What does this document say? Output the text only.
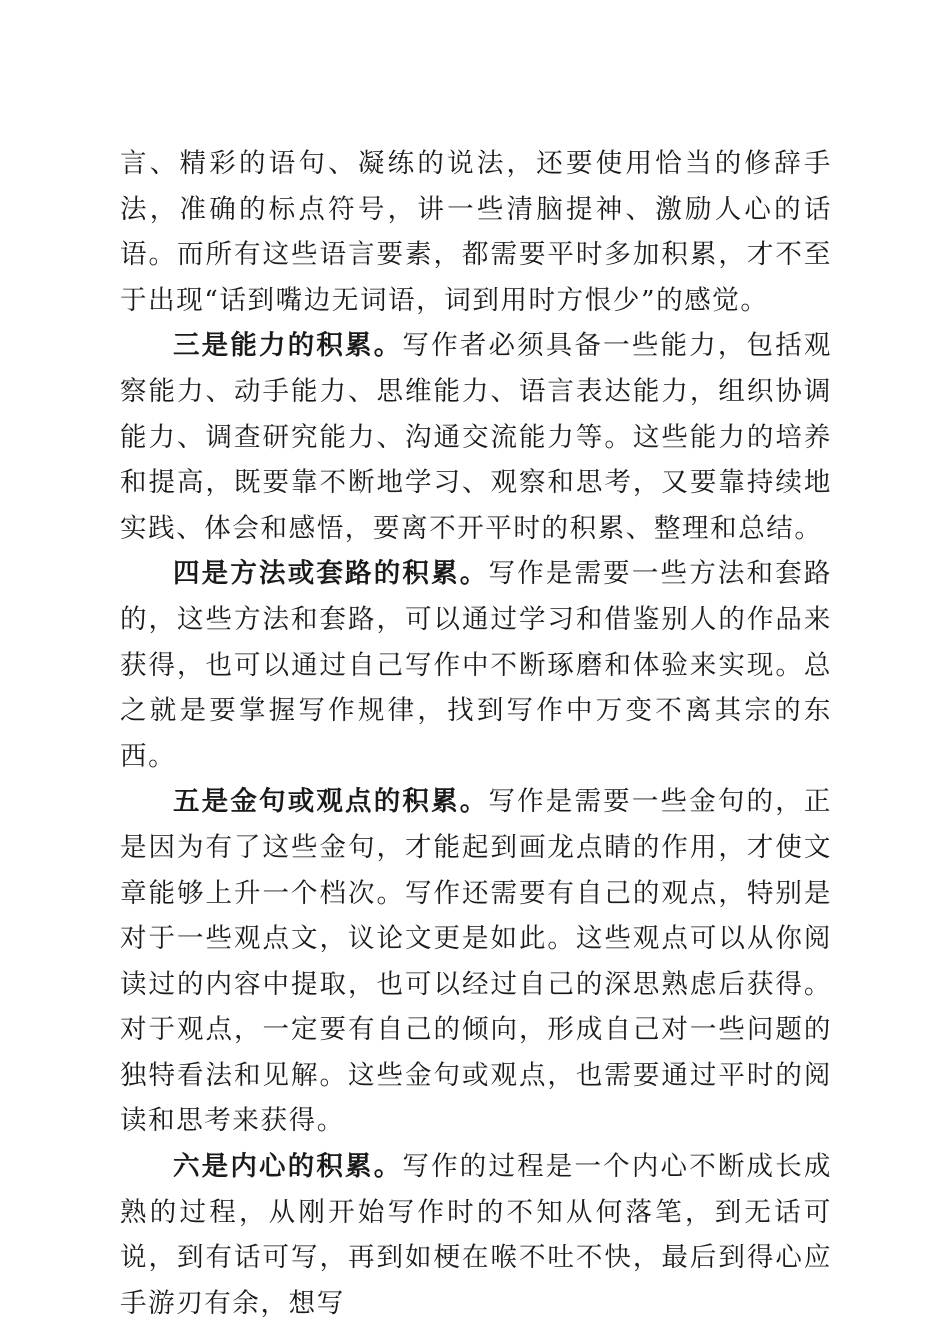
言、精彩的语句、凝练的说法，还要使用恰当的修辞手法，准确的标点符号，讲一些清脑提神、激励人心的话语。而所有这些语言要素，都需要平时多加积累，才不至于出现“话到嘴边无词语，词到用时方恨少”的感觉。

三是能力的积累。写作者必须具备一些能力，包括观察能力、动手能力、思维能力、语言表达能力，组织协调能力、调查研究能力、沟通交流能力等。这些能力的培养和提高，既要靠不断地学习、观察和思考，又要靠持续地实践、体会和感悟，要离不开平时的积累、整理和总结。

四是方法或套路的积累。写作是需要一些方法和套路的，这些方法和套路，可以通过学习和借鉴别人的作品来获得，也可以通过自己写作中不断琢磨和体验来实现。总之就是要掌握写作规律，找到写作中万变不离其宗的东西。

五是金句或观点的积累。写作是需要一些金句的，正是因为有了这些金句，才能起到画龙点睛的作用，才使文章能够上升一个档次。写作还需要有自己的观点，特别是对于一些观点文，议论文更是如此。这些观点可以从你阅读过的内容中提取，也可以经过自己的深思熟虑后获得。对于观点，一定要有自己的倾向，形成自己对一些问题的独特看法和见解。这些金句或观点，也需要通过平时的阅读和思考来获得。

六是内心的积累。写作的过程是一个内心不断成长成熟的过程，从刚开始写作时的不知从何落笔，到无话可说，到有话可写，再到如梗在喉不吐不快，最后到得心应手游刃有余，想写
